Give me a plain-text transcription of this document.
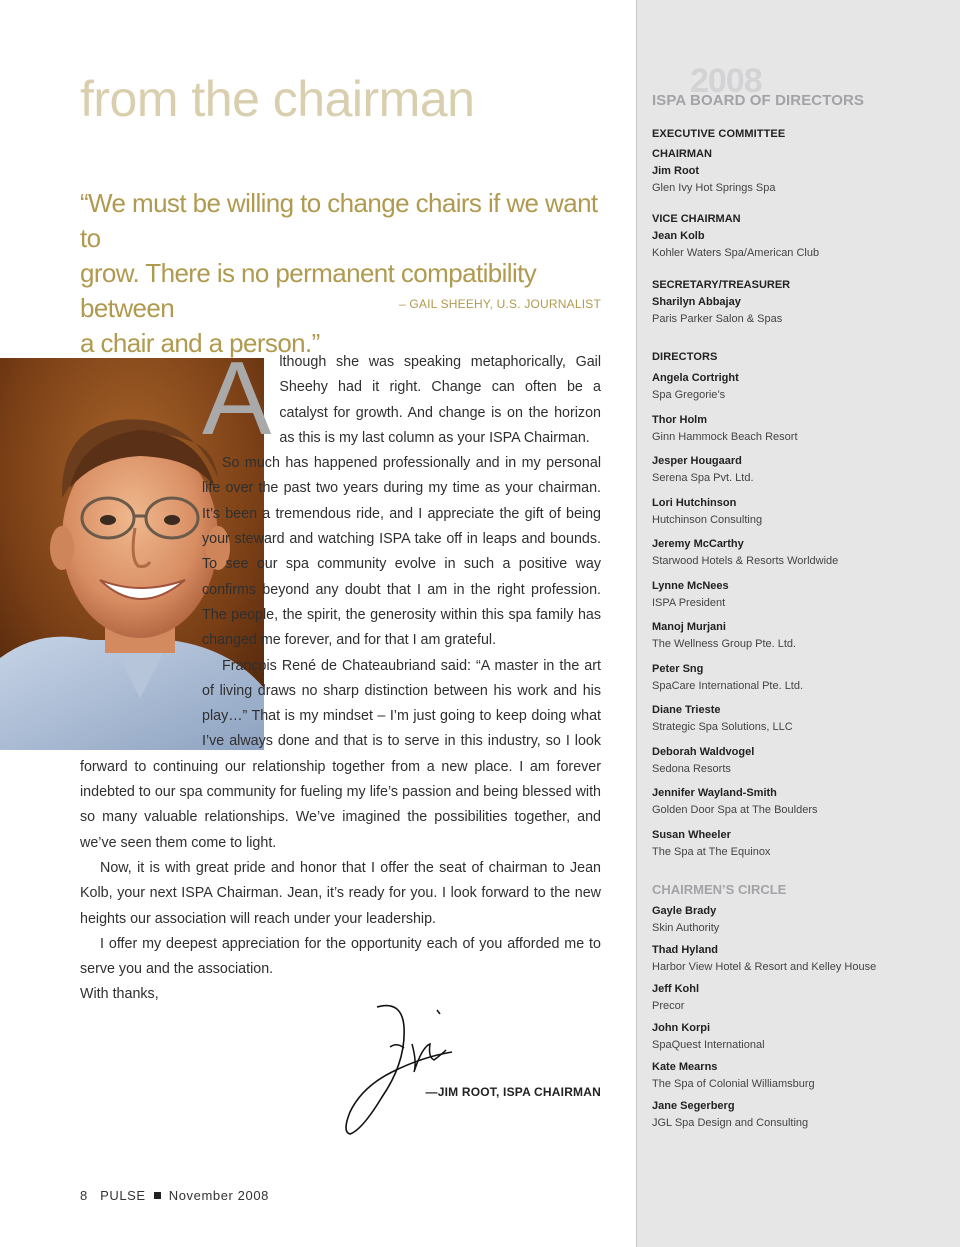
from the chairman
“We must be willing to change chairs if we want to
grow. There is no permanent compatibility between
a chair and a person.”
– GAIL SHEEHY, U.S. JOURNALIST

Although she was speaking metaphorically, Gail Sheehy had it right. Change can often be a catalyst for growth. And change is on the horizon as this is my last column as your ISPA Chairman.

So much has happened professionally and in my personal life over the past two years during my time as your chairman. It’s been a tremendous ride, and I appreciate the gift of being your steward and watching ISPA take off in leaps and bounds. To see our spa community evolve in such a positive way confirms beyond any doubt that I am in the right profession. The people, the spirit, the generosity within this spa family has changed me forever, and for that I am grateful.

François René de Chateaubriand said: “A master in the art of living draws no sharp distinction between his work and his play…” That is my mindset – I’m just going to keep doing what I’ve always done and that is to serve in this industry, so I look forward to continuing our relationship together from a new place. I am forever indebted to our spa community for fueling my life’s passion and being blessed with so many valuable relationships. We’ve imagined the possibilities together, and we’ve seen them come to light.

Now, it is with great pride and honor that I offer the seat of chairman to Jean Kolb, your next ISPA Chairman. Jean, it’s ready for you. I look forward to the new heights our association will reach under your leadership.

I offer my deepest appreciation for the opportunity each of you afforded me to serve you and the association.

With thanks,

—JIM ROOT, ISPA CHAIRMAN
8 PULSE November 2008
2008
ISPA BOARD OF DIRECTORS
EXECUTIVE COMMITTEE
CHAIRMAN
Jim Root
Glen Ivy Hot Springs Spa
VICE CHAIRMAN
Jean Kolb
Kohler Waters Spa/American Club
SECRETARY/TREASURER
Sharilyn Abbajay
Paris Parker Salon & Spas
DIRECTORS
Angela Cortright
Spa Gregorie’s
Thor Holm
Ginn Hammock Beach Resort
Jesper Hougaard
Serena Spa Pvt. Ltd.
Lori Hutchinson
Hutchinson Consulting
Jeremy McCarthy
Starwood Hotels & Resorts Worldwide
Lynne McNees
ISPA President
Manoj Murjani
The Wellness Group Pte. Ltd.
Peter Sng
SpaCare International Pte. Ltd.
Diane Trieste
Strategic Spa Solutions, LLC
Deborah Waldvogel
Sedona Resorts
Jennifer Wayland-Smith
Golden Door Spa at The Boulders
Susan Wheeler
The Spa at The Equinox
CHAIRMEN’S CIRCLE
Gayle Brady
Skin Authority
Thad Hyland
Harbor View Hotel & Resort and Kelley House
Jeff Kohl
Precor
John Korpi
SpaQuest International
Kate Mearns
The Spa of Colonial Williamsburg
Jane Segerberg
JGL Spa Design and Consulting
